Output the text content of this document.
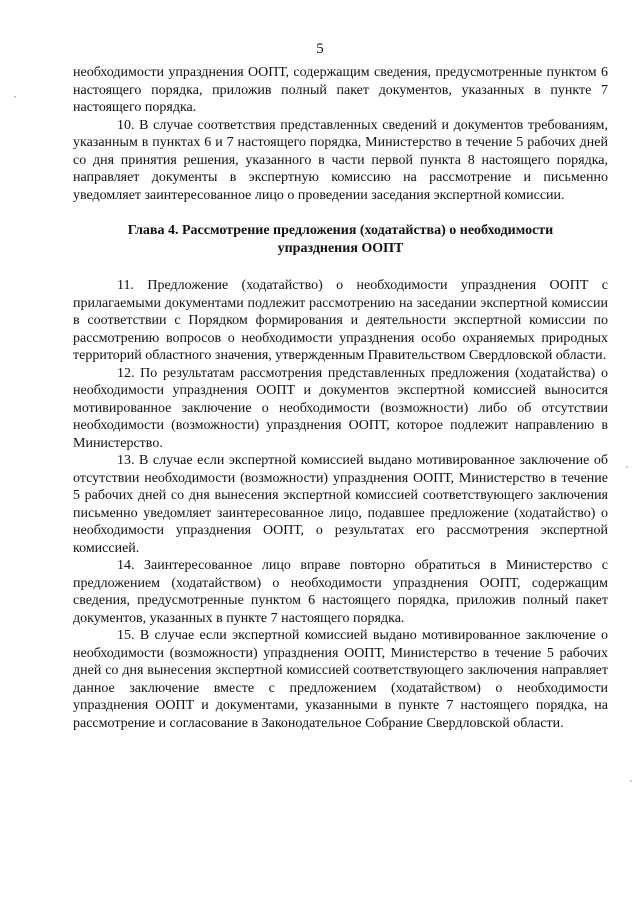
5

необходимости упразднения ООПТ, содержащим сведения, предусмотренные пунктом 6 настоящего порядка, приложив полный пакет документов, указанных в пункте 7 настоящего порядка.

10. В случае соответствия представленных сведений и документов требованиям, указанным в пунктах 6 и 7 настоящего порядка, Министерство в течение 5 рабочих дней со дня принятия решения, указанного в части первой пункта 8 настоящего порядка, направляет документы в экспертную комиссию на рассмотрение и письменно уведомляет заинтересованное лицо о проведении заседания экспертной комиссии.

Глава 4. Рассмотрение предложения (ходатайства) о необходимости
упразднения ООПТ

11. Предложение (ходатайство) о необходимости упразднения ООПТ с прилагаемыми документами подлежит рассмотрению на заседании экспертной комиссии в соответствии с Порядком формирования и деятельности экспертной комиссии по рассмотрению вопросов о необходимости упразднения особо охраняемых природных территорий областного значения, утвержденным Правительством Свердловской области.

12. По результатам рассмотрения представленных предложения (ходатайства) о необходимости упразднения ООПТ и документов экспертной комиссией выносится мотивированное заключение о необходимости (возможности) либо об отсутствии необходимости (возможности) упразднения ООПТ, которое подлежит направлению в Министерство.

13. В случае если экспертной комиссией выдано мотивированное заключение об отсутствии необходимости (возможности) упразднения ООПТ, Министерство в течение 5 рабочих дней со дня вынесения экспертной комиссией соответствующего заключения письменно уведомляет заинтересованное лицо, подавшее предложение (ходатайство) о необходимости упразднения ООПТ, о результатах его рассмотрения экспертной комиссией.

14. Заинтересованное лицо вправе повторно обратиться в Министерство с предложением (ходатайством) о необходимости упразднения ООПТ, содержащим сведения, предусмотренные пунктом 6 настоящего порядка, приложив полный пакет документов, указанных в пункте 7 настоящего порядка.

15. В случае если экспертной комиссией выдано мотивированное заключение о необходимости (возможности) упразднения ООПТ, Министерство в течение 5 рабочих дней со дня вынесения экспертной комиссией соответствующего заключения направляет данное заключение вместе с предложением (ходатайством) о необходимости упразднения ООПТ и документами, указанными в пункте 7 настоящего порядка, на рассмотрение и согласование в Законодательное Собрание Свердловской области.
